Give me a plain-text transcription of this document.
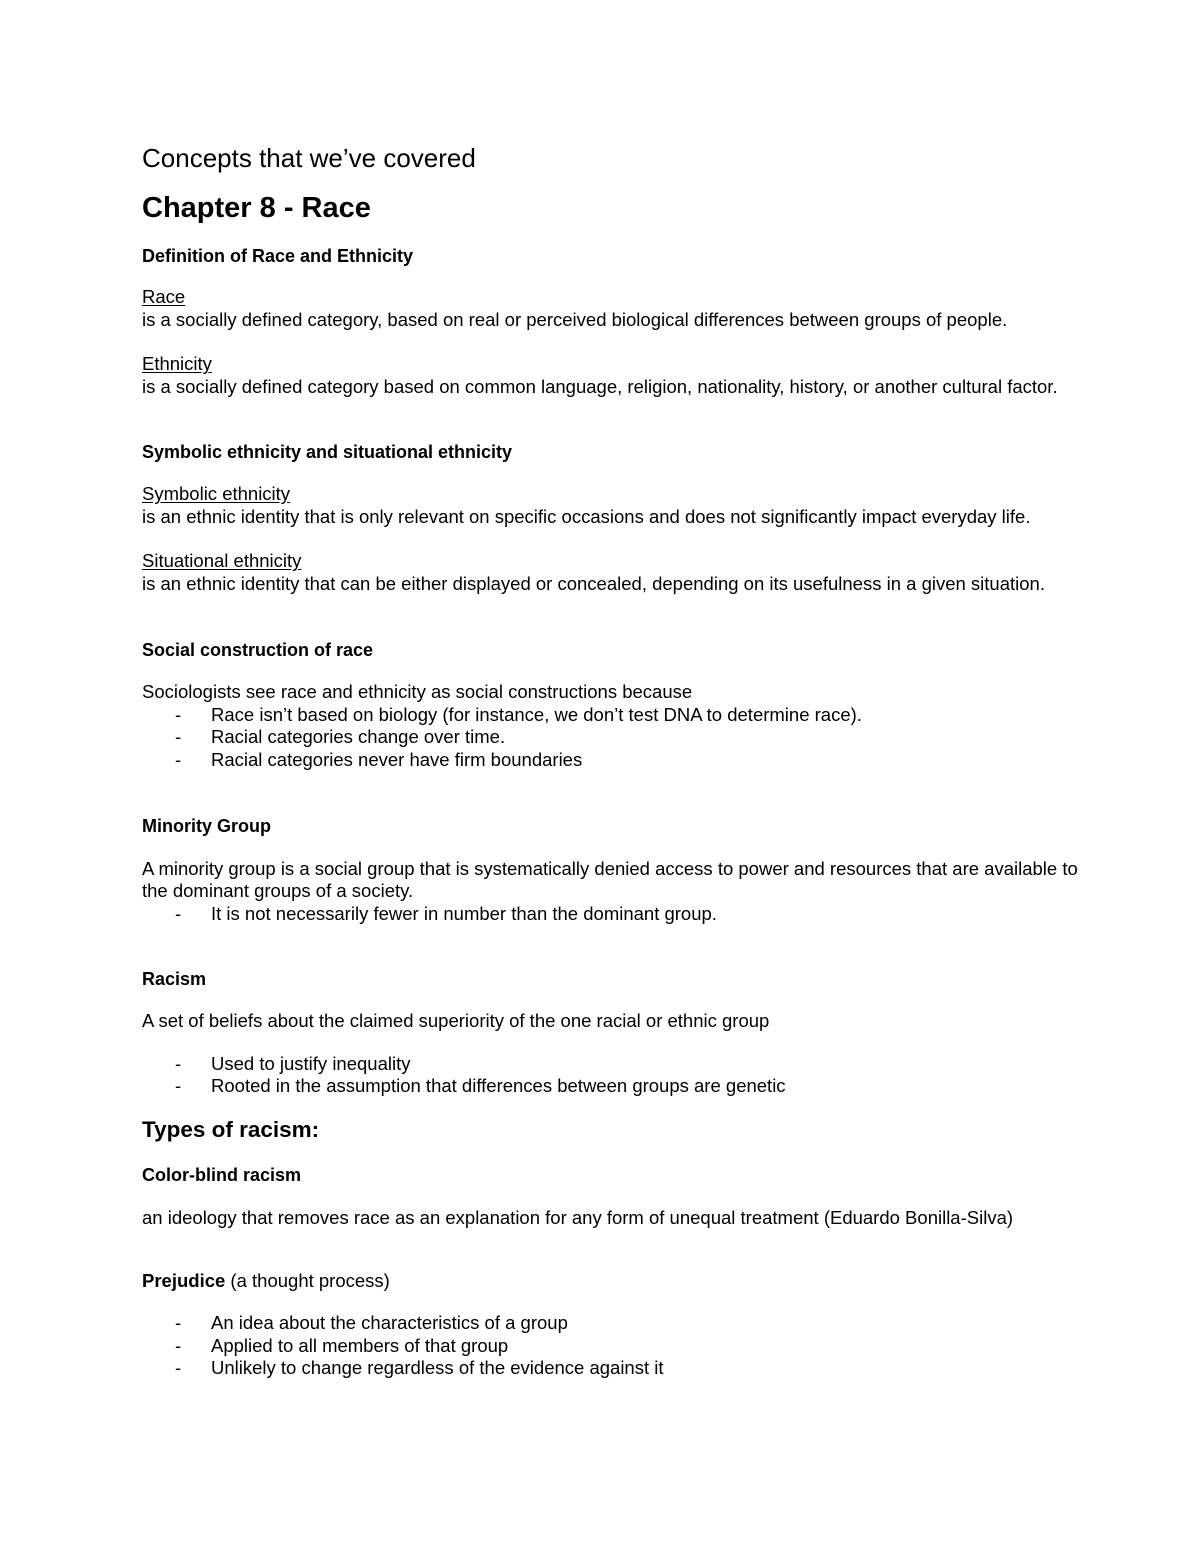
Concepts that we’ve covered
Chapter 8 - Race
Definition of Race and Ethnicity

Race

is a socially defined category, based on real or perceived biological differences between groups of people.

Ethnicity

is a socially defined category based on common language, religion, nationality, history, or another cultural factor.

Symbolic ethnicity and situational ethnicity

Symbolic ethnicity

is an ethnic identity that is only relevant on specific occasions and does not significantly impact everyday life.

Situational ethnicity

is an ethnic identity that can be either displayed or concealed, depending on its usefulness in a given situation.

Social construction of race

Sociologists see race and ethnicity as social constructions because

- Race isn’t based on biology (for instance, we don’t test DNA to determine race).
- Racial categories change over time.
- Racial categories never have firm boundaries
Minority Group

A minority group is a social group that is systematically denied access to power and resources that are available to

the dominant groups of a society.

- It is not necessarily fewer in number than the dominant group.
Racism

A set of beliefs about the claimed superiority of the one racial or ethnic group

- Used to justify inequality
- Rooted in the assumption that differences between groups are genetic
Types of racism:
Color-blind racism

an ideology that removes race as an explanation for any form of unequal treatment (Eduardo Bonilla-Silva)

Prejudice (a thought process)

- An idea about the characteristics of a group
- Applied to all members of that group
- Unlikely to change regardless of the evidence against it
